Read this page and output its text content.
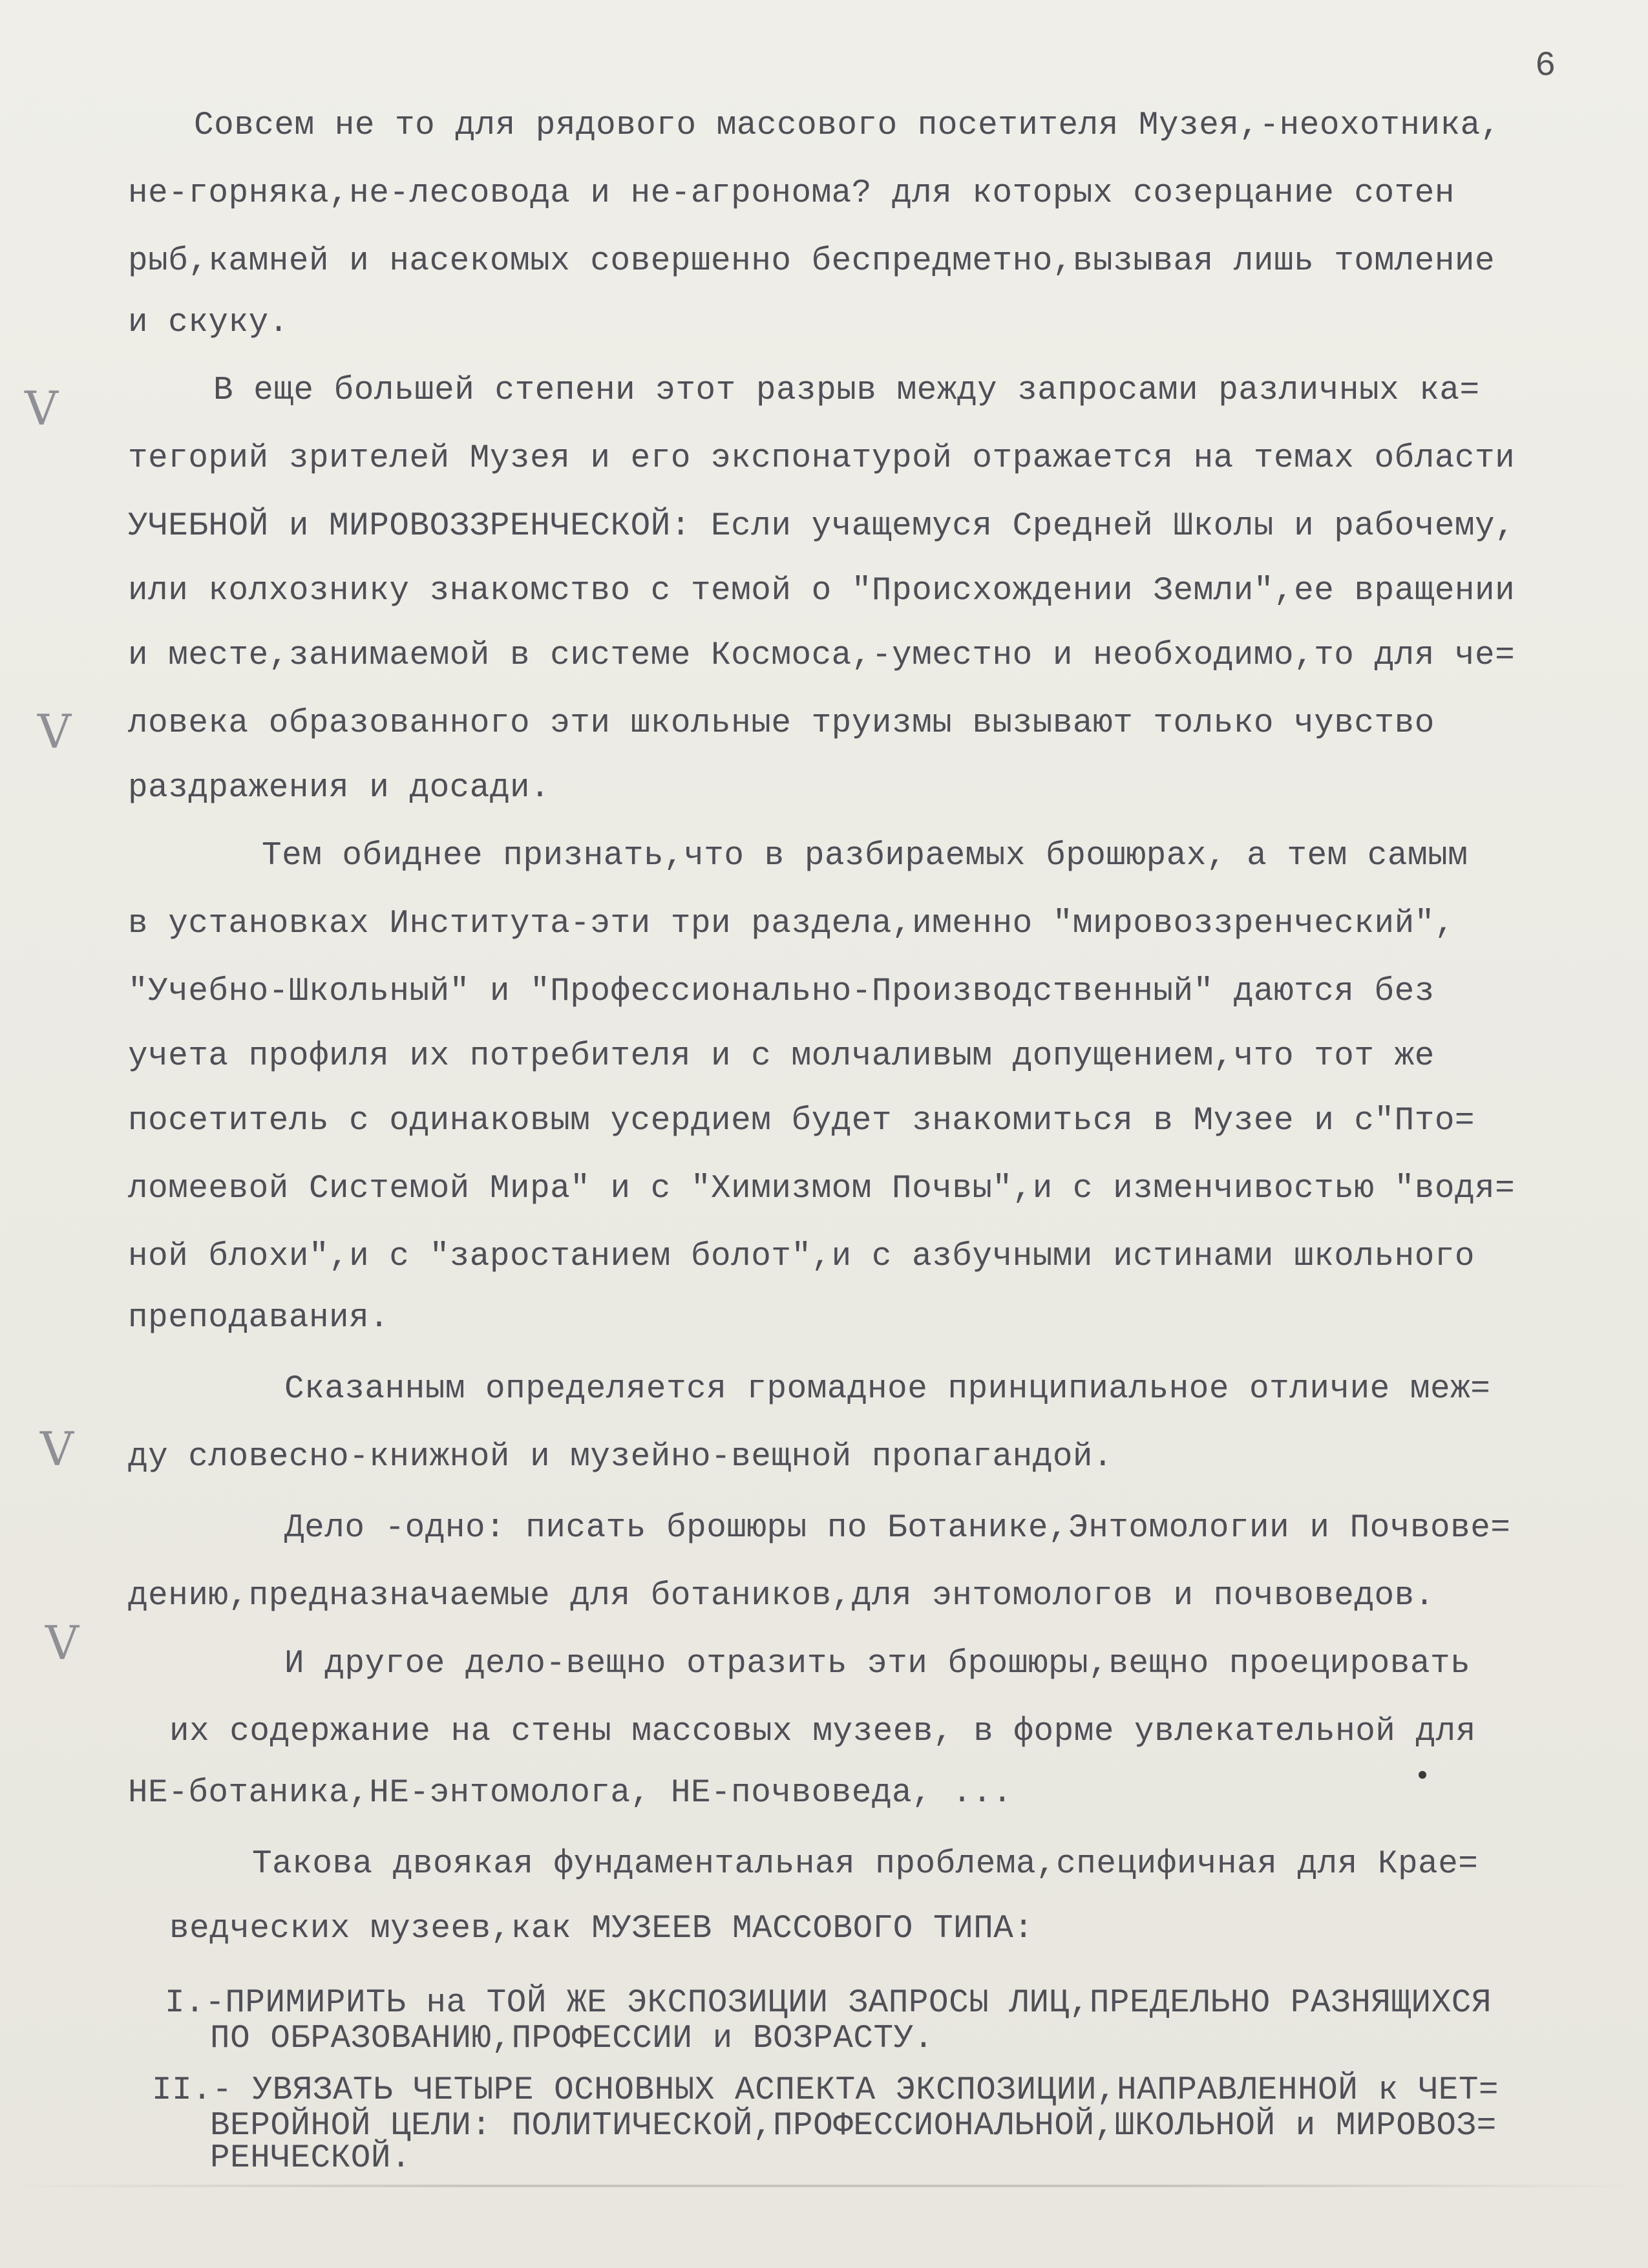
6
Совсем не то для рядового массового посетителя Музея,-неохотника,
не-горняка,не-лесовода и не-агронома? для которых созерцание сотен
рыб,камней и насекомых совершенно беспредметно,вызывая лишь томление
и скуку.
В еще большей степени этот разрыв между запросами различных ка=
тегорий зрителей Музея и его экспонатурой отражается на темах области
УЧЕБНОЙ и МИРОВОЗЗРЕНЧЕСКОЙ: Если учащемуся Средней Школы и рабочему,
или колхознику знакомство с темой о "Происхождении Земли",ее вращении
и месте,занимаемой в системе Космоса,-уместно и необходимо,то для че=
ловека образованного эти школьные труизмы вызывают только чувство
раздражения и досади.
Тем обиднее признать,что в разбираемых брошюрах, а тем самым
в установках Института-эти три раздела,именно "мировоззренческий",
"Учебно-Школьный" и "Профессионально-Производственный" даются без
учета профиля их потребителя и с молчаливым допущением,что тот же
посетитель с одинаковым усердием будет знакомиться в Музее и с"Пто=
ломеевой Системой Мира" и с "Химизмом Почвы",и с изменчивостью "водя=
ной блохи",и с "заростанием болот",и с азбучными истинами школьного
преподавания.
Сказанным определяется громадное принципиальное отличие меж=
ду словесно-книжной и музейно-вещной пропагандой.
Дело -одно: писать брошюры по Ботанике,Энтомологии и Почвове=
дению,предназначаемые для ботаников,для энтомологов и почвоведов.
И другое дело-вещно отразить эти брошюры,вещно проецировать
их содержание на стены массовых музеев, в форме увлекательной для
НЕ-ботаника,НЕ-энтомолога, НЕ-почвоведа, ...
Такова двоякая фундаментальная проблема,специфичная для Крае=
ведческих музеев,как МУЗЕЕВ МАССОВОГО ТИПА:
I.-ПРИМИРИТЬ на ТОЙ ЖЕ ЭКСПОЗИЦИИ ЗАПРОСЫ ЛИЦ,ПРЕДЕЛЬНО РАЗНЯЩИХСЯ
ПО ОБРАЗОВАНИЮ,ПРОФЕССИИ и ВОЗРАСТУ.
II.- УВЯЗАТЬ ЧЕТЫРЕ ОСНОВНЫХ АСПЕКТА ЭКСПОЗИЦИИ,НАПРАВЛЕННОЙ к ЧЕТ=
ВЕРОЙНОЙ ЦЕЛИ: ПОЛИТИЧЕСКОЙ,ПРОФЕССИОНАЛЬНОЙ,ШКОЛЬНОЙ и МИРОВОЗ=
РЕНЧЕСКОЙ.
V
V
V
V
